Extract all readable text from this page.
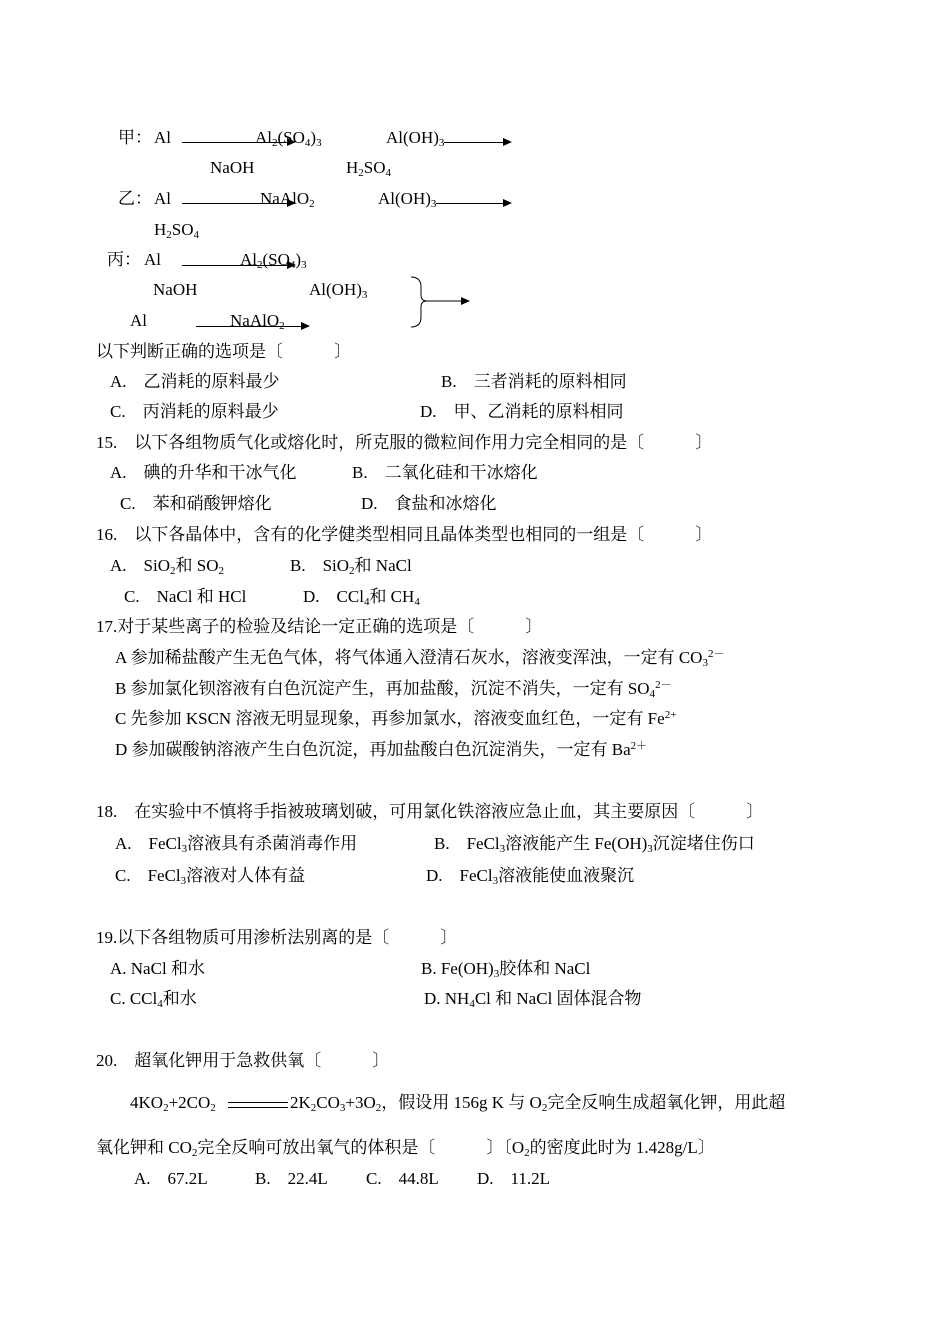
甲： Al	$Al_2(SO_4)_3$	$Al(OH)_3$
NaOH	$H_2SO_4$
乙： Al	NaAlO$_2$	$Al(OH)_3$
$H_2SO_4$
丙： Al	$Al_2(SO_4)_3$
NaOH	$Al(OH)_3$
Al	NaAlO$_2$
以下判断正确的选项是〔　　　〕
A.　乙消耗的原料最少	B.　三者消耗的原料相同
C.　丙消耗的原料最少	D.　甲、乙消耗的原料相同
15.　以下各组物质气化或熔化时，所克服的微粒间作用力完全相同的是〔　　　〕
A.　碘的升华和干冰气化	B.　二氧化硅和干冰熔化
C.　苯和硝酸钾熔化	D.　食盐和冰熔化
16.　以下各晶体中，含有的化学健类型相同且晶体类型也相同的一组是〔　　　〕
A.　SiO$_2$和 $SO_2$	B.　SiO$_2$和 NaCl
C.　NaCl 和 HCl	D.　CCl$_4$和 $CH_4$
17.对于某些离子的检验及结论一定正确的选项是〔　　　〕
A 参加稀盐酸产生无色气体，将气体通入澄清石灰水，溶液变浑浊，一定有 $CO_3^{2-}$
B 参加氯化钡溶液有白色沉淀产生，再加盐酸，沉淀不消失，一定有 $SO_4^{2-}$
C 先参加 KSCN 溶液无明显现象，再参加氯水，溶液变血红色，一定有 $Fe^{2+}$
D 参加碳酸钠溶液产生白色沉淀，再加盐酸白色沉淀消失，一定有 $Ba^{2+}$
18.　在实验中不慎将手指被玻璃划破，可用氯化铁溶液应急止血，其主要原因〔　　　〕
A.　FeCl$_3$溶液具有杀菌消毒作用	B.　FeCl$_3$溶液能产生 $Fe(OH)_3$沉淀堵住伤口
C.　FeCl$_3$溶液对人体有益	D.　FeCl$_3$溶液能使血液聚沉
19.以下各组物质可用渗析法别离的是〔　　　〕
A. NaCl 和水	B. $Fe(OH)_3$胶体和 NaCl
C. CCl$_4$和水	D. $NH_4Cl$ 和 NaCl 固体混合物
20.　超氧化钾用于急救供氧〔　　　〕
$4KO_2+2CO_2$	$2K_2CO_3+3O_2$，假设用 156g K 与 $O_2$完全反响生成超氧化钾，用此超
氧化钾和 $CO_2$完全反响可放出氧气的体积是〔　　　〕〔$O_2$的密度此时为 1.428g/L〕
A.　67.2L	B.　22.4L C.　44.8L D.　11.2L
